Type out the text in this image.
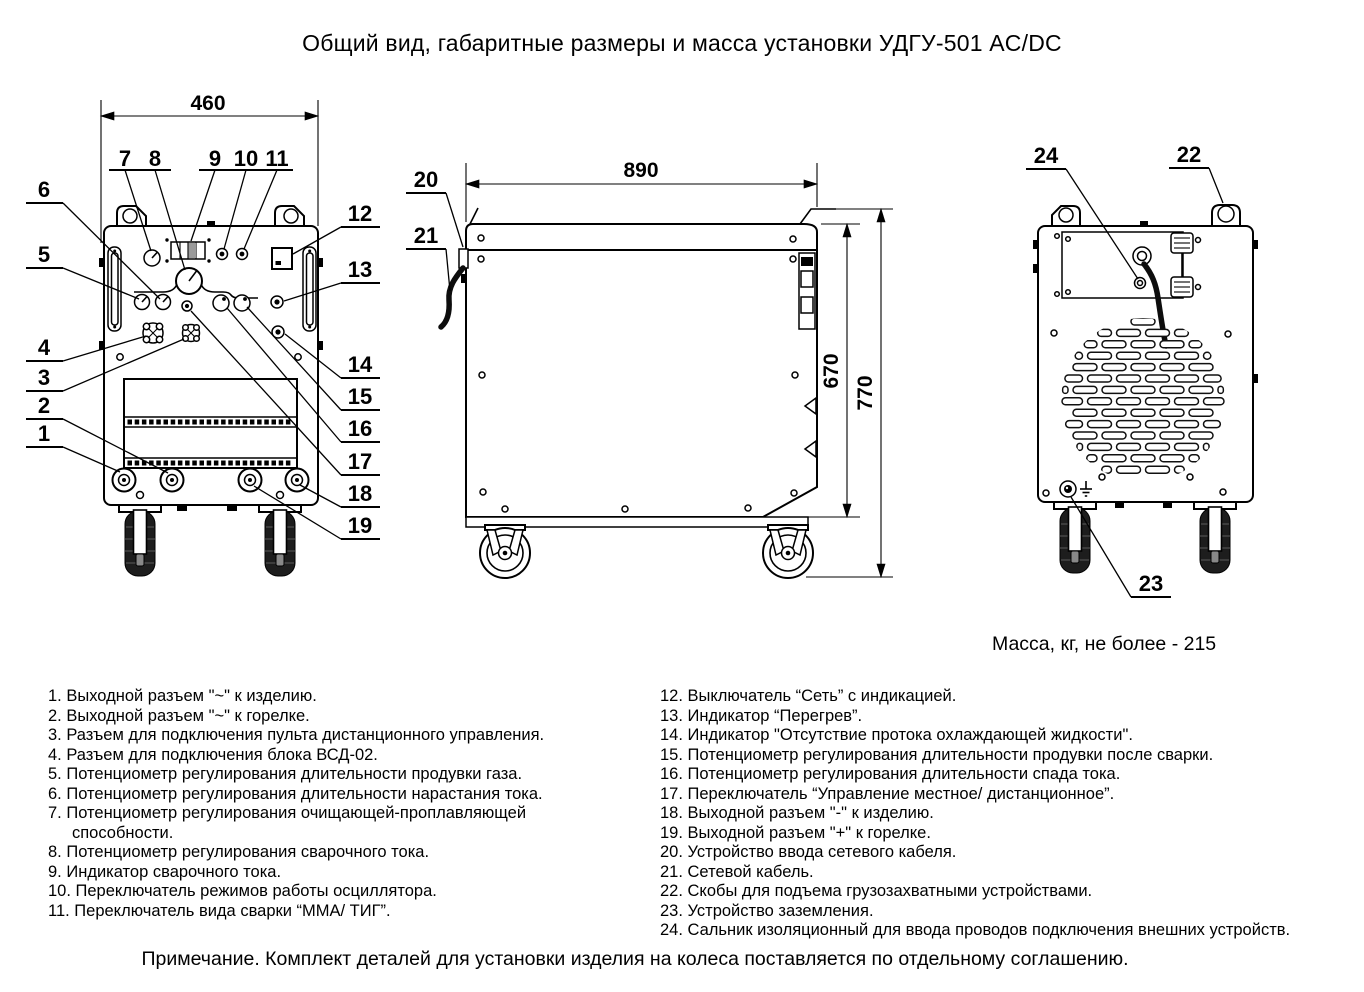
Общий вид, габаритные размеры и масса установки УДГУ-501 AC/DC
460
6
5
4
3
2
1
7 8 9 10 11
12
13
14
15
16
17
18
19
890
670
770
20
21
24	22
23
Масса, кг, не более - 215
1. Выходной разъем "~" к изделию.
2. Выходной разъем "~" к горелке.
3. Разъем для подключения пульта дистанционного управления.
4. Разъем для подключения блока ВСД-02.
5. Потенциометр регулирования длительности продувки газа.
6. Потенциометр регулирования длительности нарастания тока.
7. Потенциометр регулирования очищающей-проплавляющей способности.
8. Потенциометр регулирования сварочного тока.
9. Индикатор сварочного тока.
10. Переключатель режимов работы осциллятора.
11. Переключатель вида сварки “ММА/ ТИГ”.
12. Выключатель “Сеть” с индикацией.
13. Индикатор “Перегрев”.
14. Индикатор "Отсутствие протока охлаждающей жидкости".
15. Потенциометр регулирования длительности продувки после сварки.
16. Потенциометр регулирования длительности спада тока.
17. Переключатель “Управление местное/ дистанционное”.
18. Выходной разъем "-" к изделию.
19. Выходной разъем "+" к горелке.
20. Устройство ввода сетевого кабеля.
21. Сетевой кабель.
22. Скобы для подъема грузозахватными устройствами.
23. Устройство заземления.
24. Сальник изоляционный для ввода проводов подключения внешних устройств.
Примечание. Комплект деталей для установки изделия на колеса поставляется по отдельному соглашению.
